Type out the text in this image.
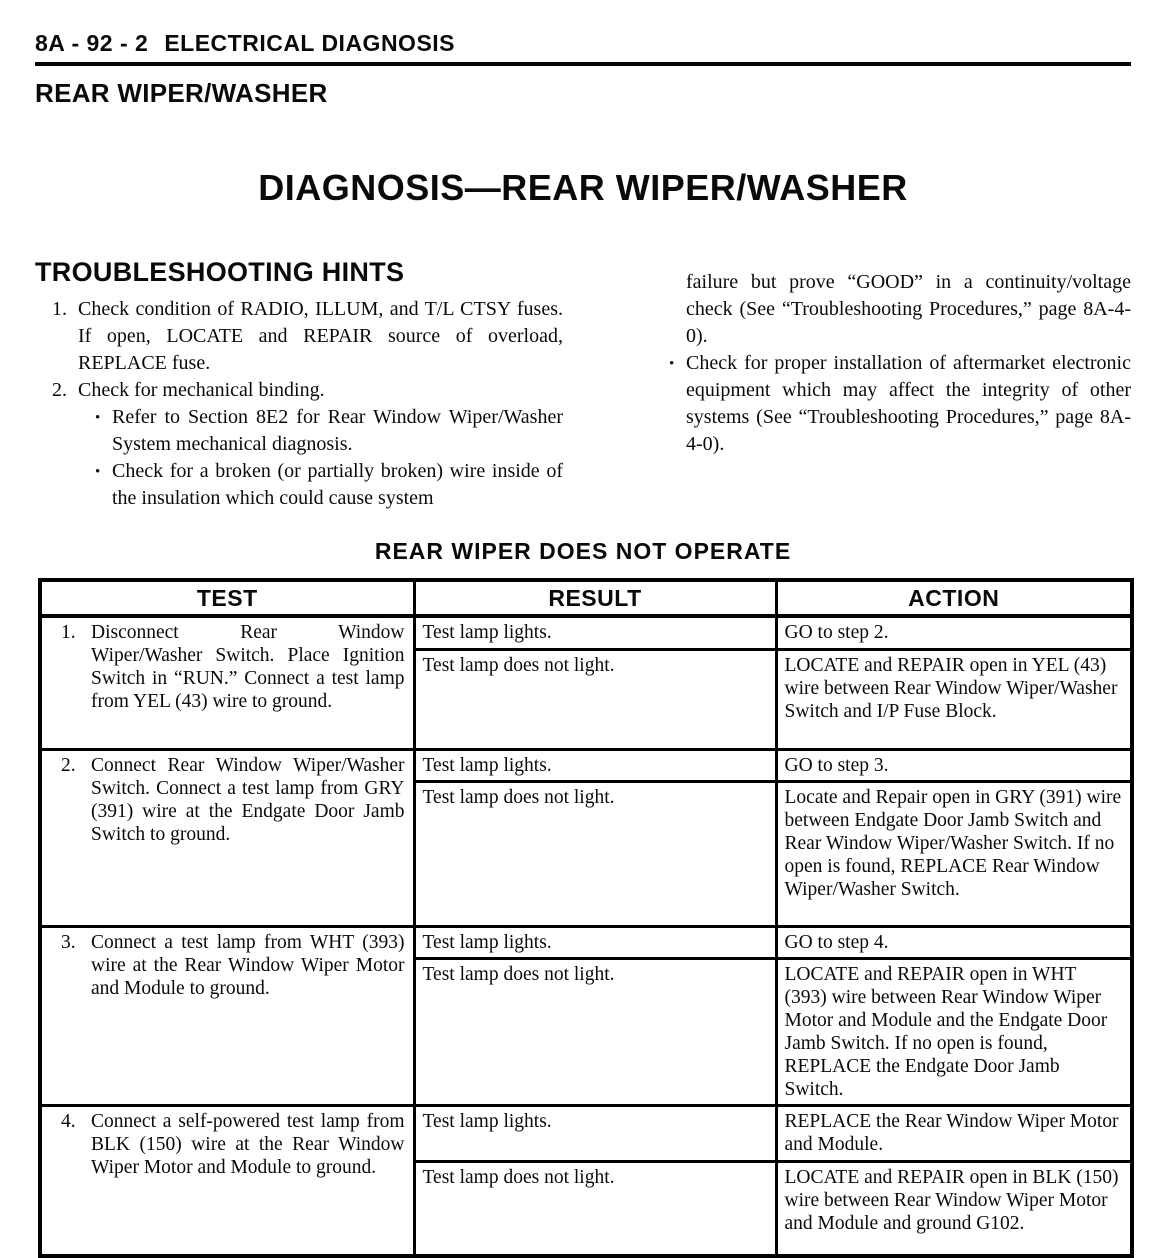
8A - 92 - 2 ELECTRICAL DIAGNOSIS
REAR WIPER/WASHER
DIAGNOSIS—REAR WIPER/WASHER
TROUBLESHOOTING HINTS
1. Check condition of RADIO, ILLUM, and T/L CTSY fuses. If open, LOCATE and REPAIR source of overload, REPLACE fuse.
2. Check for mechanical binding.
• Refer to Section 8E2 for Rear Window Wiper/Washer System mechanical diagnosis.
• Check for a broken (or partially broken) wire inside of the insulation which could cause system

failure but prove “GOOD” in a continuity/voltage check (See “Troubleshooting Procedures,” page 8A-4-0).

• Check for proper installation of aftermarket electronic equipment which may affect the integrity of other systems (See “Troubleshooting Procedures,” page 8A-4-0).
REAR WIPER DOES NOT OPERATE
TEST	RESULT	ACTION

1. Disconnect Rear Window Wiper/Washer Switch. Place Ignition Switch in “RUN.” Connect a test lamp from YEL (43) wire to ground.	Test lamp lights.	GO to step 2.
	Test lamp does not light.	LOCATE and REPAIR open in YEL (43) wire between Rear Window Wiper/Washer Switch and I/P Fuse Block.

2. Connect Rear Window Wiper/Washer Switch. Connect a test lamp from GRY (391) wire at the Endgate Door Jamb Switch to ground.	Test lamp lights.	GO to step 3.
	Test lamp does not light.	Locate and Repair open in GRY (391) wire between Endgate Door Jamb Switch and Rear Window Wiper/Washer Switch. If no open is found, REPLACE Rear Window Wiper/Washer Switch.

3. Connect a test lamp from WHT (393) wire at the Rear Window Wiper Motor and Module to ground.	Test lamp lights.	GO to step 4.
	Test lamp does not light.	LOCATE and REPAIR open in WHT (393) wire between Rear Window Wiper Motor and Module and the Endgate Door Jamb Switch. If no open is found, REPLACE the Endgate Door Jamb Switch.

4. Connect a self-powered test lamp from BLK (150) wire at the Rear Window Wiper Motor and Module to ground.	Test lamp lights.	REPLACE the Rear Window Wiper Motor and Module.
	Test lamp does not light.	LOCATE and REPAIR open in BLK (150) wire between Rear Window Wiper Motor and Module and ground G102.
